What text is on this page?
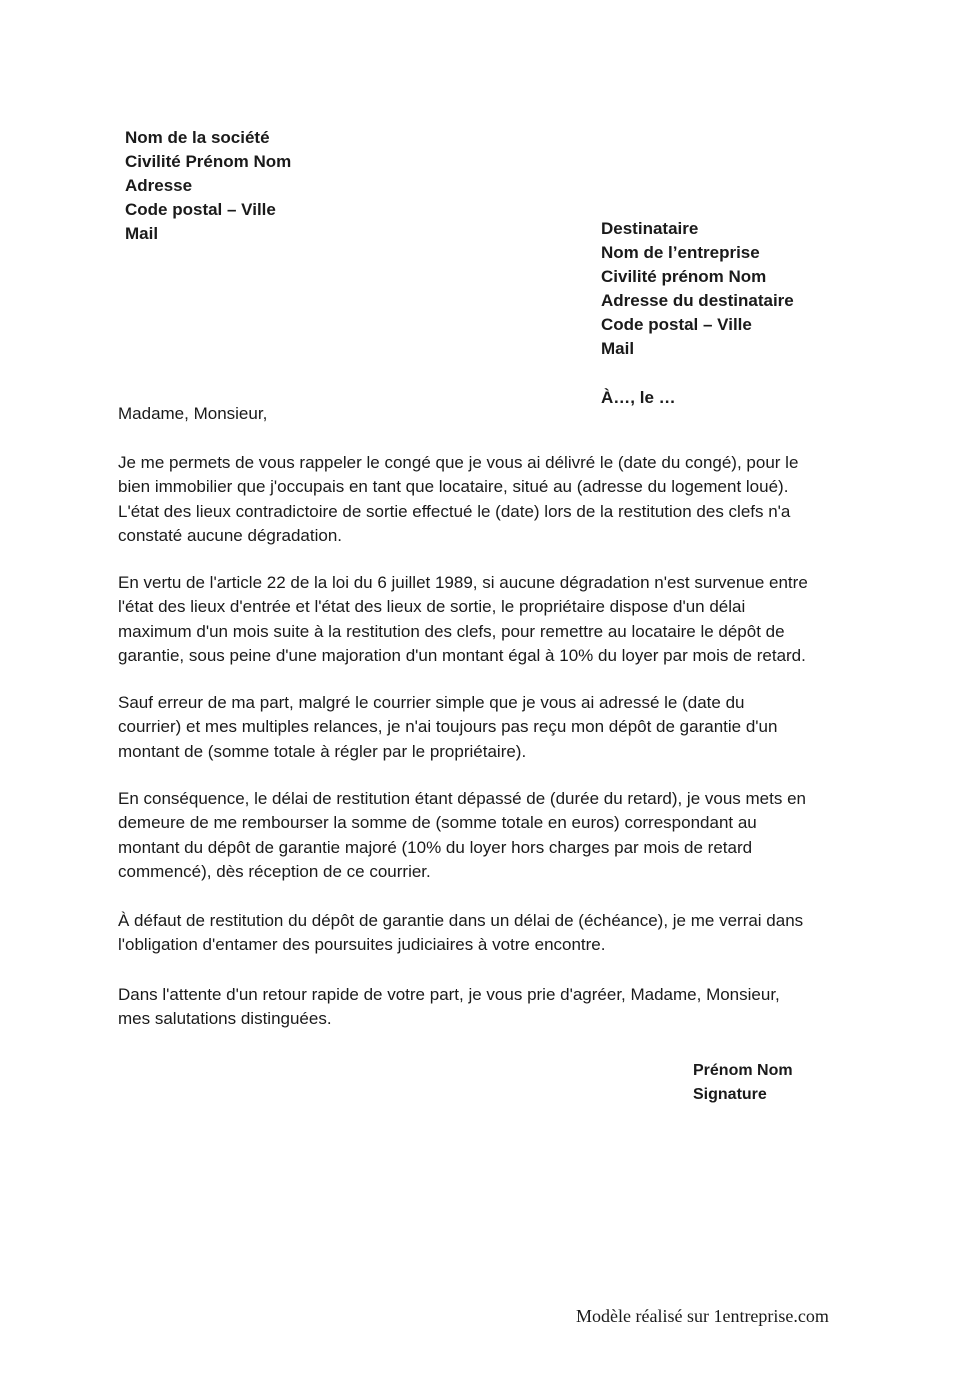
Nom de la société
Civilité Prénom Nom
Adresse
Code postal – Ville
Mail	Destinataire
Nom de l’entreprise
Civilité prénom Nom
Adresse du destinataire
Code postal – Ville
Mail
À…, le …
Madame, Monsieur,
Je me permets de vous rappeler le congé que je vous ai délivré le (date du congé), pour le
bien immobilier que j'occupais en tant que locataire, situé au (adresse du logement loué).
L'état des lieux contradictoire de sortie effectué le (date) lors de la restitution des clefs n'a
constaté aucune dégradation.
En vertu de l'article 22 de la loi du 6 juillet 1989, si aucune dégradation n'est survenue entre
l'état des lieux d'entrée et l'état des lieux de sortie, le propriétaire dispose d'un délai
maximum d'un mois suite à la restitution des clefs, pour remettre au locataire le dépôt de
garantie, sous peine d'une majoration d'un montant égal à 10% du loyer par mois de retard.
Sauf erreur de ma part, malgré le courrier simple que je vous ai adressé le (date du
courrier) et mes multiples relances, je n'ai toujours pas reçu mon dépôt de garantie d'un
montant de (somme totale à régler par le propriétaire).
En conséquence, le délai de restitution étant dépassé de (durée du retard), je vous mets en
demeure de me rembourser la somme de (somme totale en euros) correspondant au
montant du dépôt de garantie majoré (10% du loyer hors charges par mois de retard
commencé), dès réception de ce courrier.
À défaut de restitution du dépôt de garantie dans un délai de (échéance), je me verrai dans
l'obligation d'entamer des poursuites judiciaires à votre encontre.
Dans l'attente d'un retour rapide de votre part, je vous prie d'agréer, Madame, Monsieur,
mes salutations distinguées.
Prénom Nom
Signature
Modèle réalisé sur 1entreprise.com
